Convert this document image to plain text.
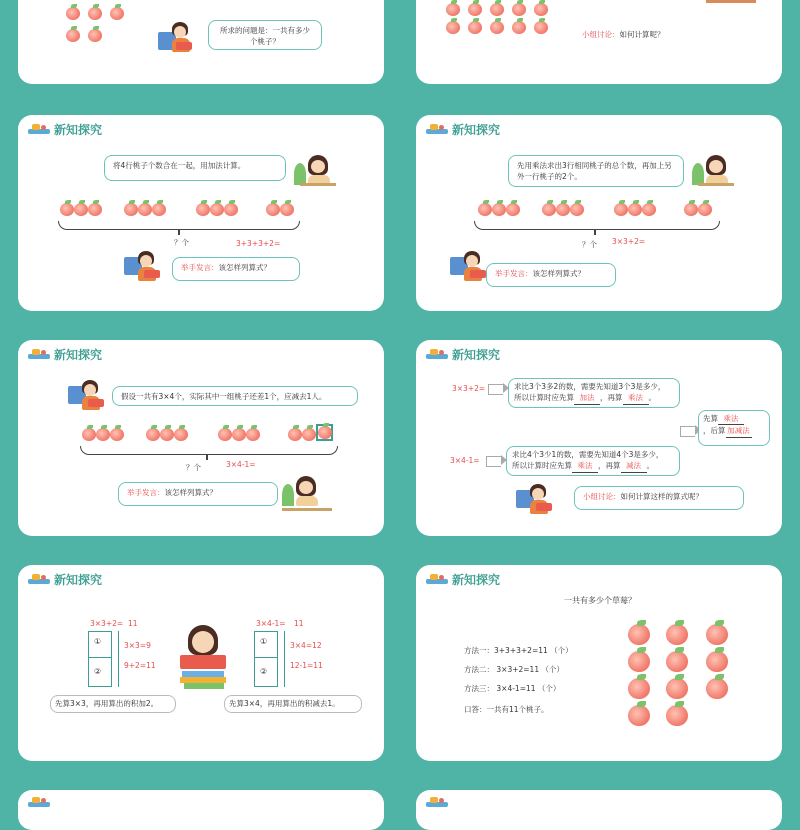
所求的问题是：一共有多少个桃子？
小组讨论：如何计算呢？
新知探究
将4行桃子个数合在一起，用加法计算。
？个	3+3+3+2=
举手发言：该怎样列算式？
新知探究
先用乘法求出3行相同桃子的总个数，再加上另外一行桃子的2个。
？个 3×3+2=
举手发言：该怎样列算式？
新知探究
假设一共有3×4个，实际其中一组桃子还差1个，应减去1人。
？个	3×4-1=
举手发言：该怎样列算式？
新知探究
3×3+2=	求比3个3多2的数，需要先知道3个3是多少，
所以计算时应先算 加法 ，再算 乘法 。
先算 乘法
，后算 加减法
3×4-1=
求比4个3少1的数，需要先知道4个3是多少，
所以计算时应先算 乘法 ，再算 减法 。
小组讨论：如何计算这样的算式呢？
新知探究
3×3+2= 11
①
②
3×3=9
9+2=11
先算3×3，再用算出的积加2。
3×4-1= 11
①
②
3×4=12
12-1=11
先算3×4，再用算出的积减去1。
新知探究
一共有多少个草莓？
方法一：3+3+3+2=11 （个）
方法二： 3×3+2=11 （个）
方法三： 3×4-1=11 （个）
口答：一共有11个桃子。
